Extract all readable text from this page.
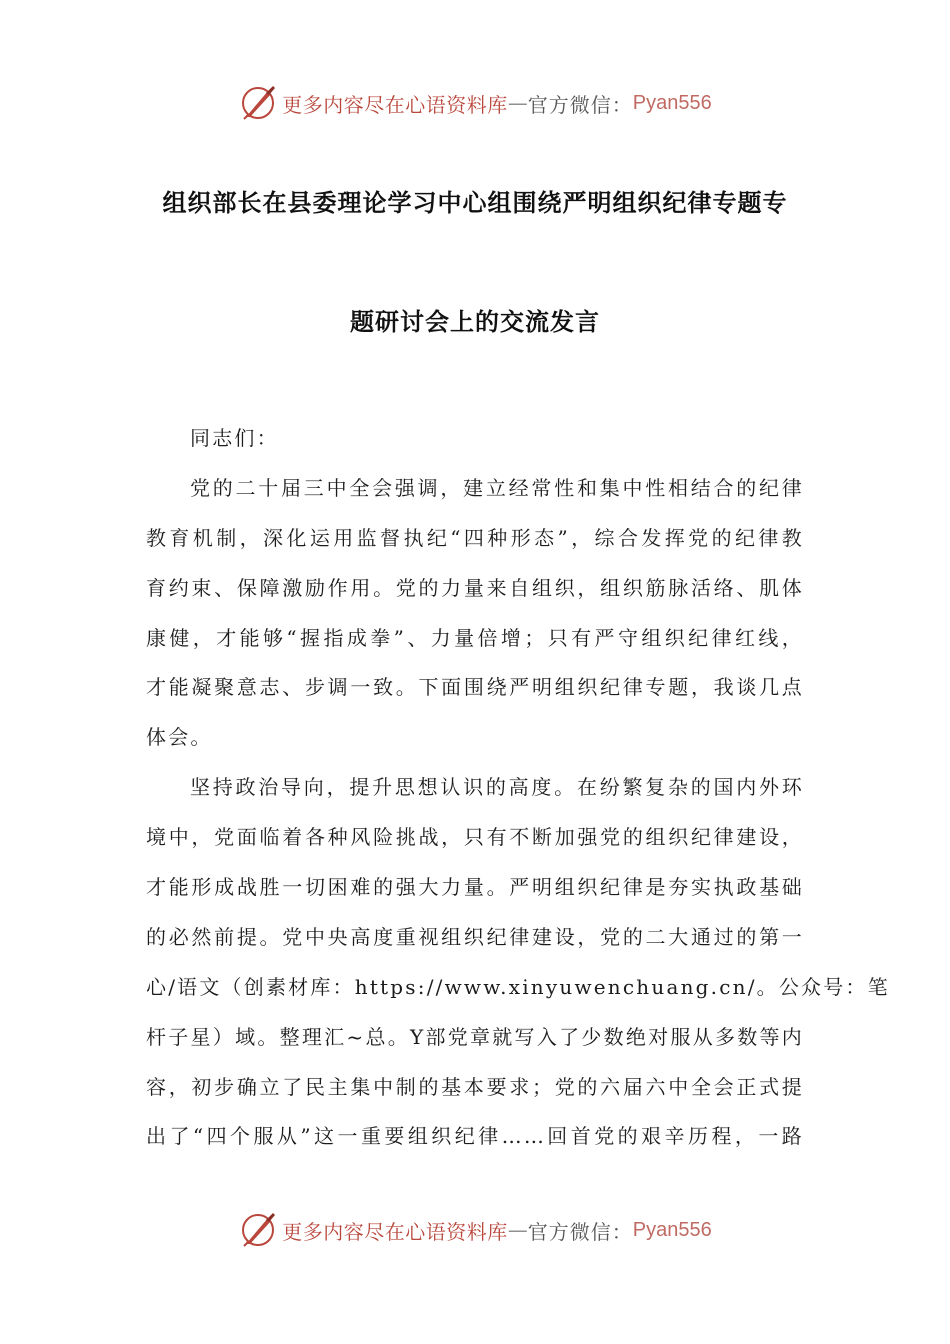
更多内容尽在心语资料库 — 官方微信： Pyan556
组织部长在县委理论学习中心组围绕严明组织纪律专题专
题研讨会上的交流发言
同志们：
党的二十届三中全会强调，建立经常性和集中性相结合的纪律
教育机制，深化运用监督执纪“四种形态”，综合发挥党的纪律教
育约束、保障激励作用。党的力量来自组织，组织筋脉活络、肌体
康健，才能够“握指成拳”、力量倍增；只有严守组织纪律红线，
才能凝聚意志、步调一致。下面围绕严明组织纪律专题，我谈几点
体会。
坚持政治导向，提升思想认识的高度。在纷繁复杂的国内外环
境中，党面临着各种风险挑战，只有不断加强党的组织纪律建设，
才能形成战胜一切困难的强大力量。严明组织纪律是夯实执政基础
的必然前提。党中央高度重视组织纪律建设，党的二大通过的第一
心/语文（创素材库：https://www.xinyuwenchuang.cn/。公众号：笔
杆子星）域。整理汇~总。Y部党章就写入了少数绝对服从多数等内
容，初步确立了民主集中制的基本要求；党的六届六中全会正式提
出了“四个服从”这一重要组织纪律……回首党的艰辛历程，一路
更多内容尽在心语资料库 — 官方微信： Pyan556
